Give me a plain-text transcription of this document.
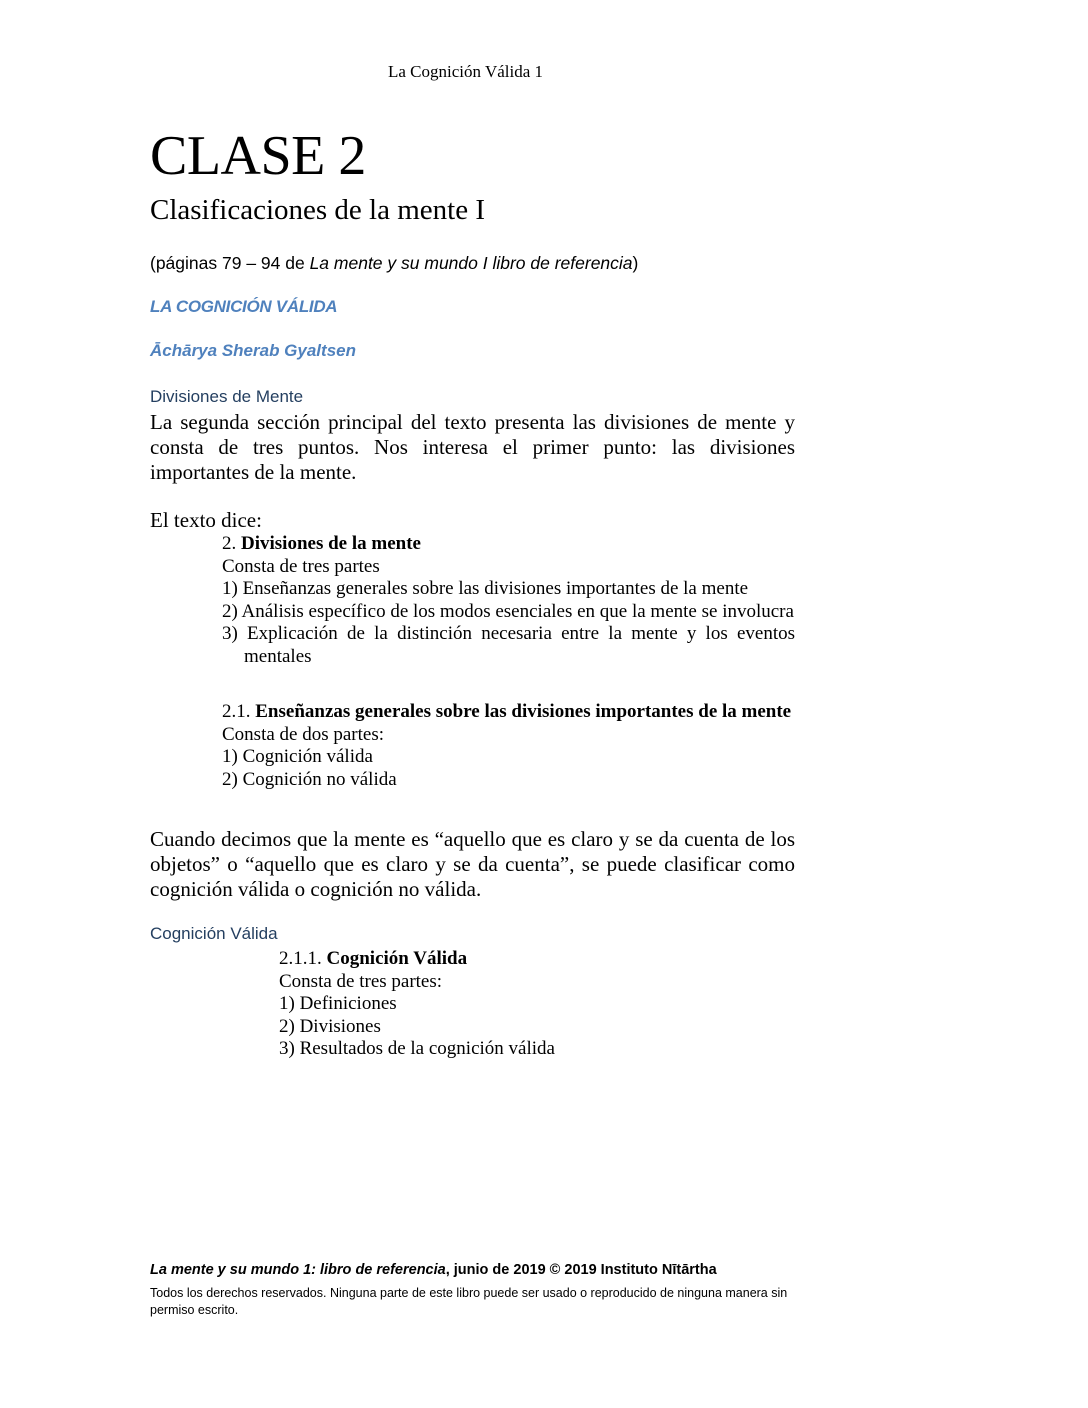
La Cognición Válida 1
CLASE 2
Clasificaciones de la mente I
(páginas 79 – 94 de La mente y su mundo I libro de referencia)
LA COGNICIÓN VÁLIDA
Āchārya Sherab Gyaltsen
Divisiones de Mente
La segunda sección principal del texto presenta las divisiones de mente y consta de tres puntos. Nos interesa el primer punto: las divisiones importantes de la mente.
El texto dice:
2. Divisiones de la mente
Consta de tres partes
1) Enseñanzas generales sobre las divisiones importantes de la mente
2) Análisis específico de los modos esenciales en que la mente se involucra
3) Explicación de la distinción necesaria entre la mente y los eventos mentales
2.1. Enseñanzas generales sobre las divisiones importantes de la mente
Consta de dos partes:
1) Cognición válida
2) Cognición no válida
Cuando decimos que la mente es “aquello que es claro y se da cuenta de los objetos” o “aquello que es claro y se da cuenta”, se puede clasificar como cognición válida o cognición no válida.
Cognición Válida
2.1.1. Cognición Válida
Consta de tres partes:
1) Definiciones
2) Divisiones
3) Resultados de la cognición válida
La mente y su mundo 1: libro de referencia, junio de 2019 © 2019 Instituto Nītārtha
Todos los derechos reservados. Ninguna parte de este libro puede ser usado o reproducido de ninguna manera sin permiso escrito.
